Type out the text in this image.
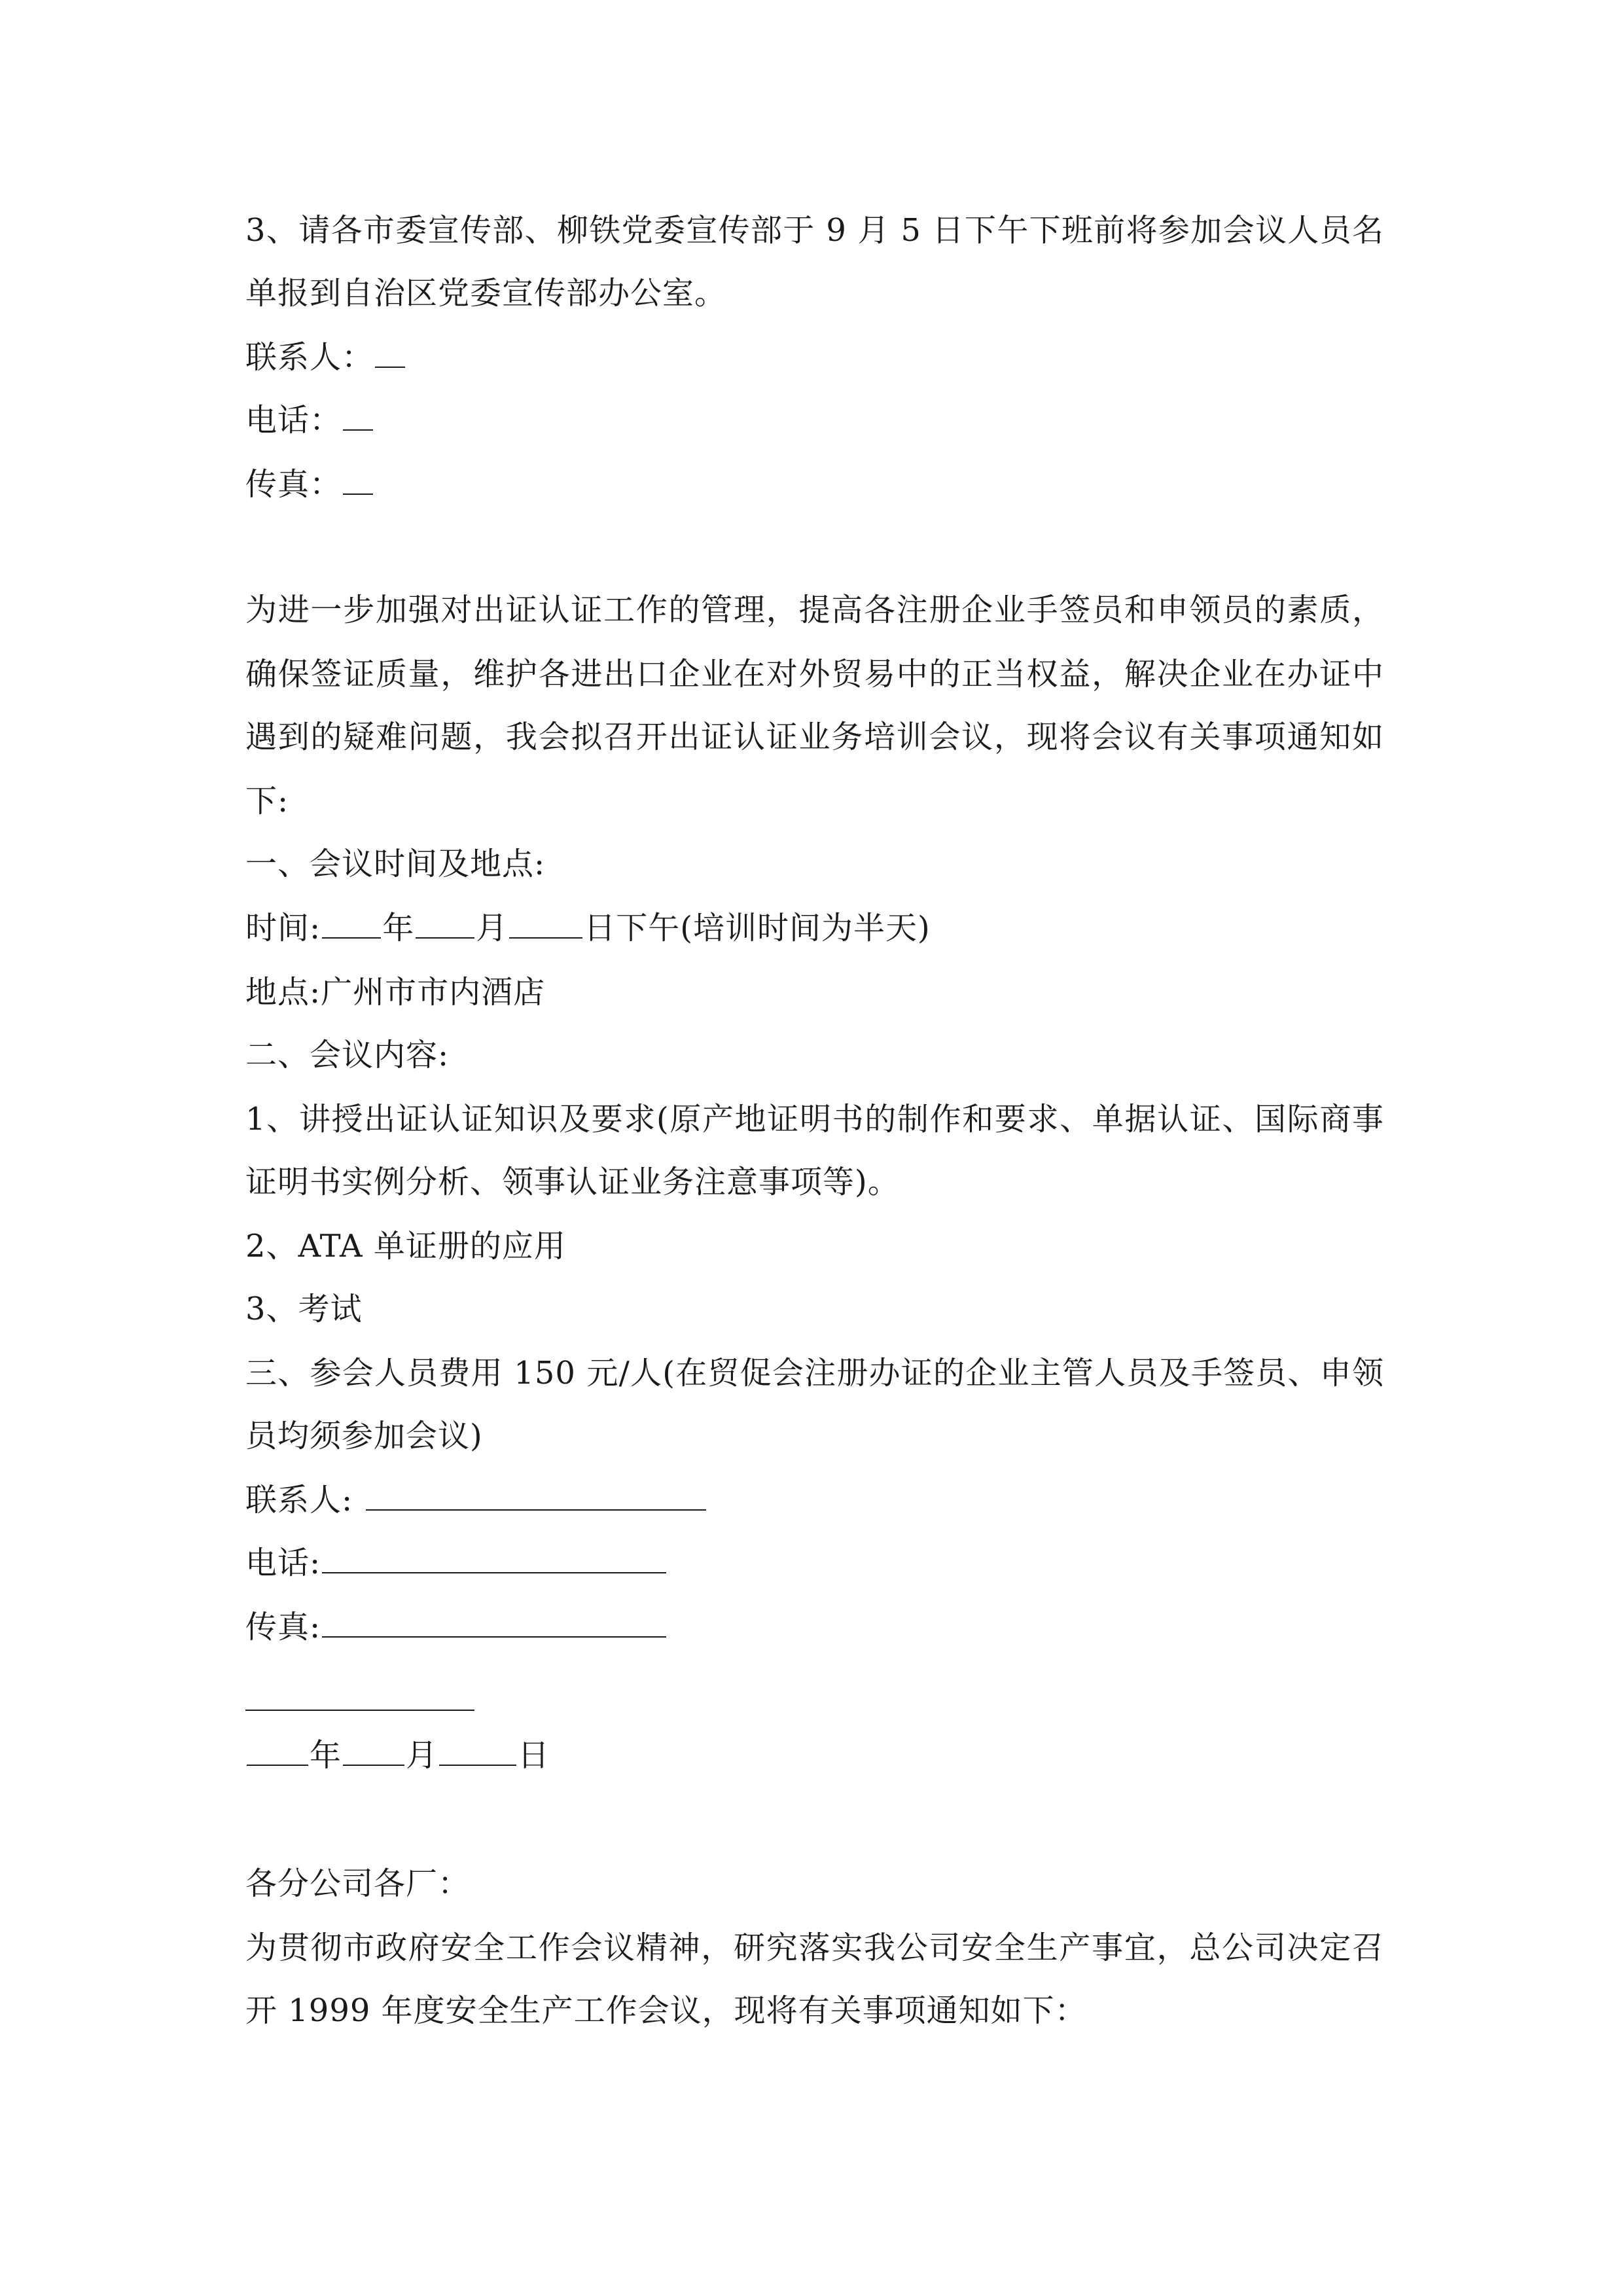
3、请各市委宣传部、柳铁党委宣传部于 9 月 5 日下午下班前将参加会议人员名
单报到自治区党委宣传部办公室。
联系人：
电话：
传真：
为进一步加强对出证认证工作的管理，提高各注册企业手签员和申领员的素质，
确保签证质量，维护各进出口企业在对外贸易中的正当权益，解决企业在办证中
遇到的疑难问题，我会拟召开出证认证业务培训会议，现将会议有关事项通知如
下:
一、会议时间及地点:
时间: 年 月 日下午(培训时间为半天)
地点:广州市市内酒店
二、会议内容:
1、讲授出证认证知识及要求(原产地证明书的制作和要求、单据认证、国际商事
证明书实例分析、领事认证业务注意事项等)。
2、ATA 单证册的应用
3、考试
三、参会人员费用 150 元/人(在贸促会注册办证的企业主管人员及手签员、申领
员均须参加会议)
联系人:
电话:
传真:
年 月	日
各分公司各厂：
为贯彻市政府安全工作会议精神，研究落实我公司安全生产事宜，总公司决定召
开 1999 年度安全生产工作会议，现将有关事项通知如下：
